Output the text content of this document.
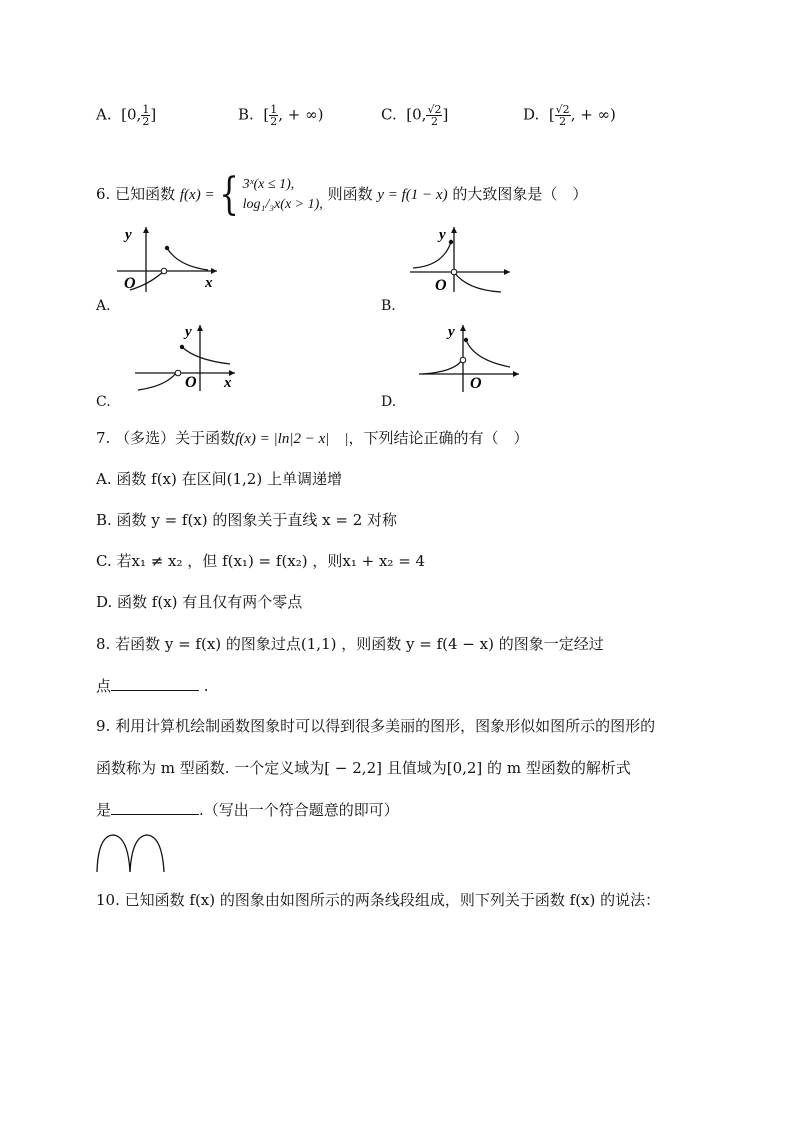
A. [0, $\frac{1}{2}$ ]	B. [ $\frac{1}{2}$ , + ∞)	C. [0, $\frac{√2}{2}$ ]	D. [ $\frac{√2}{2}$ , + ∞)
6. 已知函数 f(x) ={ 3ˣ(x ≤ 1),
log₁/₃x(x > 1),
则函数 y = f(1 − x) 的大致图象是（　）
y
x
O
A.
y
O
B.
y
x
O
C.
y
O
D.
7. （多选）关于函数f(x) = |ln|2 − x|　|，下列结论正确的有（　）
A. 函数 f(x) 在区间(1,2) 上单调递增
B. 函数 y = f(x) 的图象关于直线 x = 2 对称
C. 若x₁ ≠ x₂ ，但 f(x₁) = f(x₂) ，则x₁ + x₂ = 4
D. 函数 f(x) 有且仅有两个零点
8. 若函数 y = f(x) 的图象过点(1,1) ，则函数 y = f(4 − x) 的图象一定经过
点	.
9. 利用计算机绘制函数图象时可以得到很多美丽的图形，图象形似如图所示的图形的
函数称为 m 型函数. 一个定义域为[ − 2,2] 且值域为[0,2] 的 m 型函数的解析式
是	.（写出一个符合题意的即可）
10. 已知函数 f(x) 的图象由如图所示的两条线段组成，则下列关于函数 f(x) 的说法：
